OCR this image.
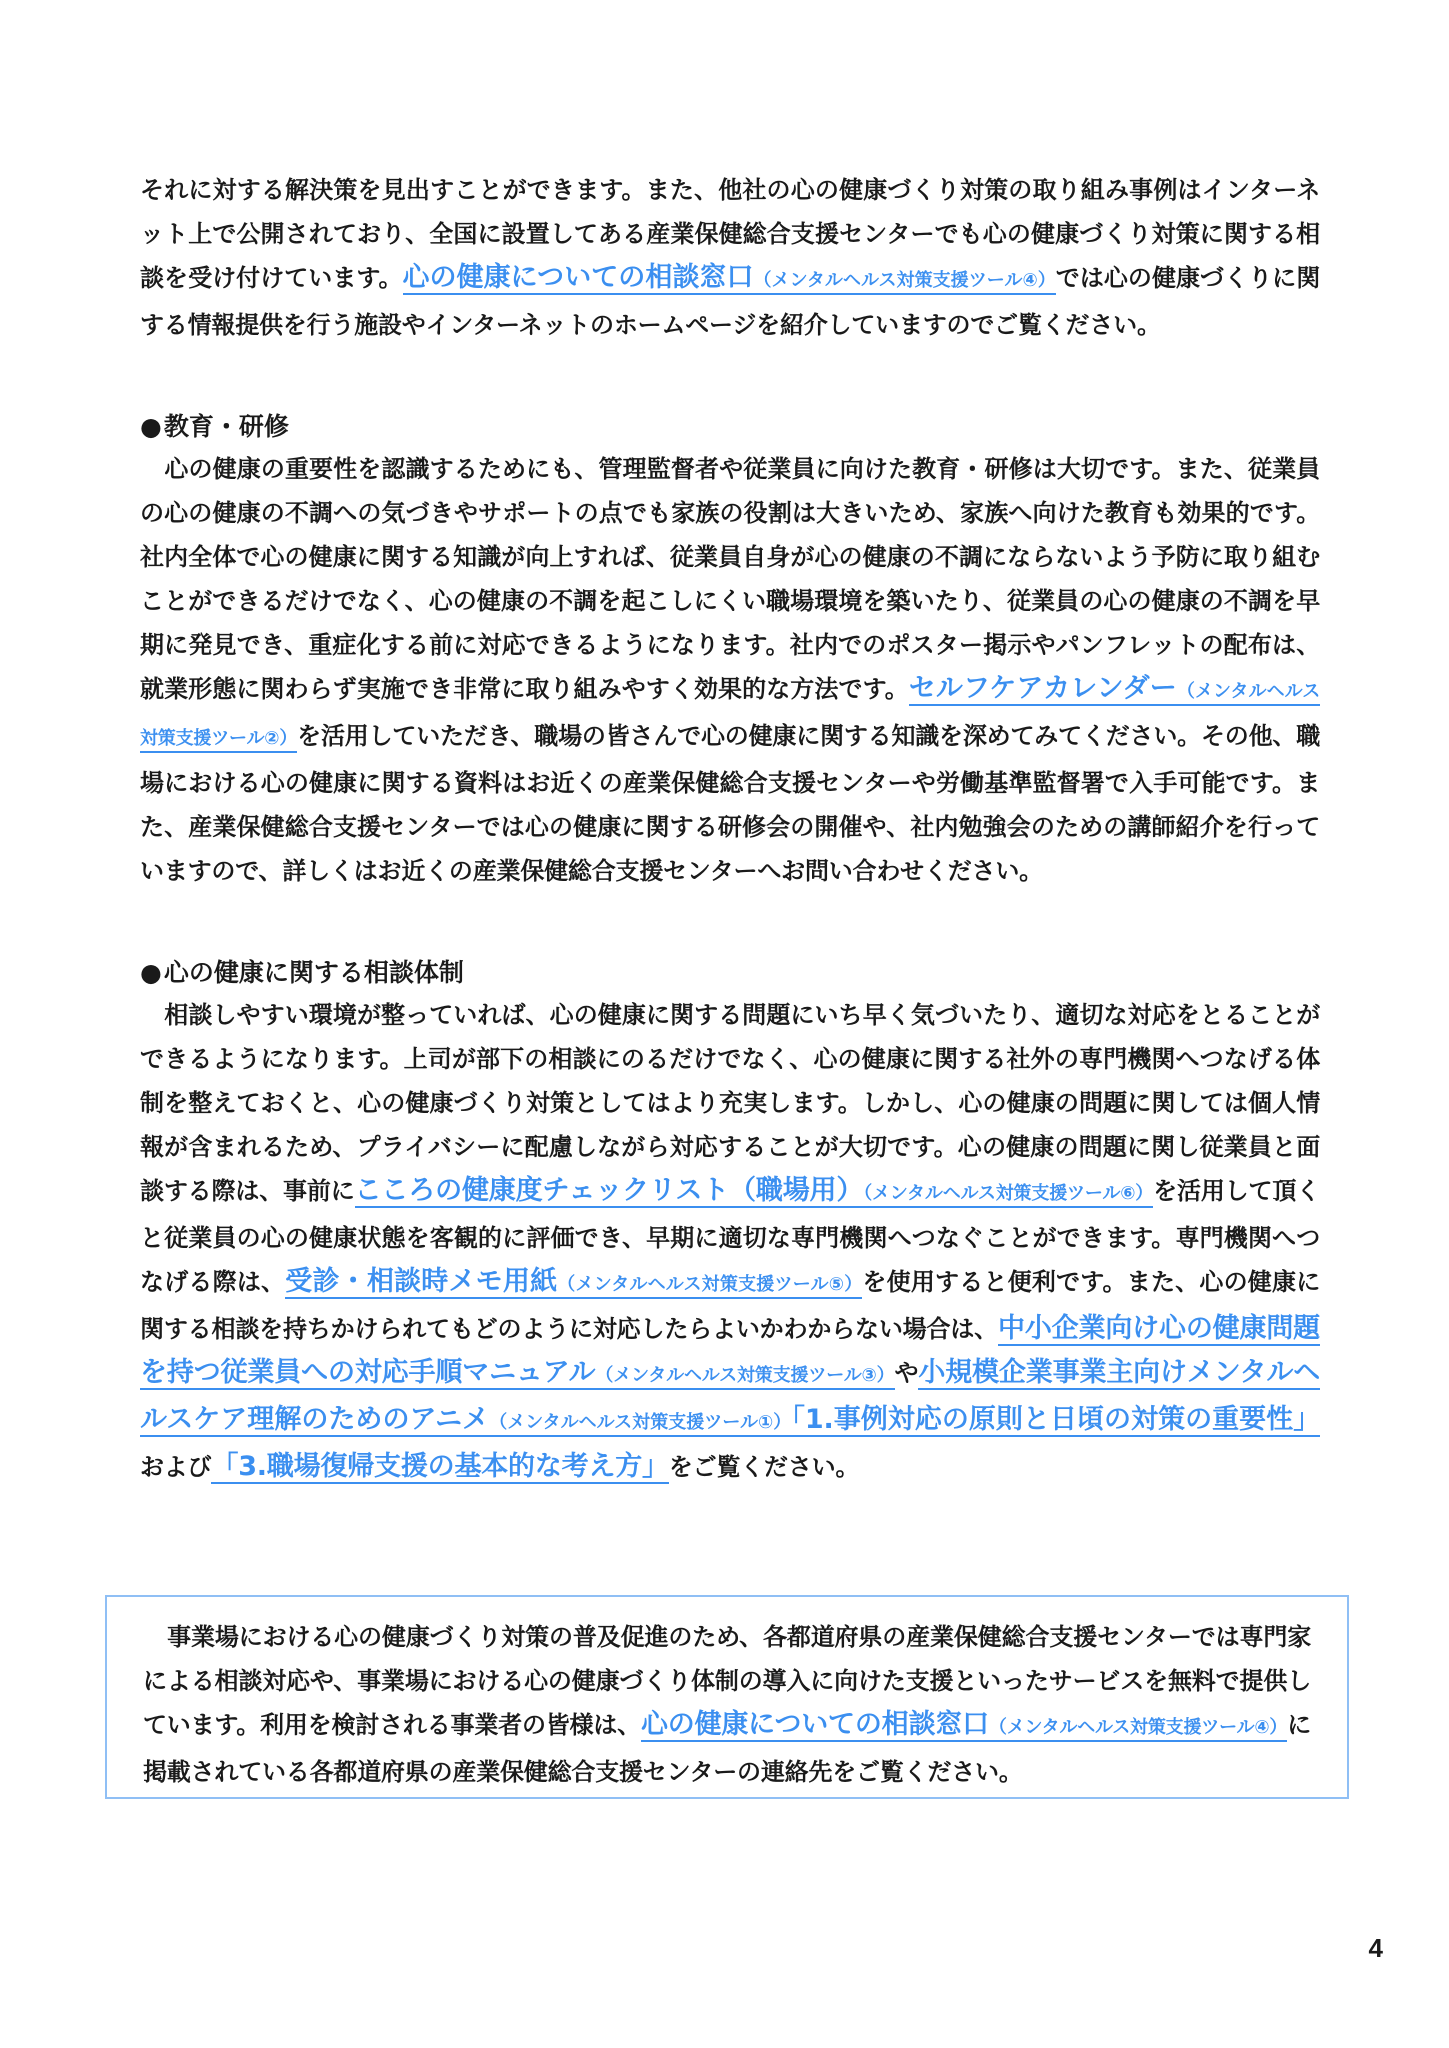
それに対する解決策を見出すことができます。また、他社の心の健康づくり対策の取り組み事例はインターネット上で公開されており、全国に設置してある産業保健総合支援センターでも心の健康づくり対策に関する相談を受け付けています。心の健康についての相談窓口（メンタルヘルス対策支援ツール④）では心の健康づくりに関する情報提供を行う施設やインターネットのホームページを紹介していますのでご覧ください。

●教育・研修

心の健康の重要性を認識するためにも、管理監督者や従業員に向けた教育・研修は大切です。また、従業員の心の健康の不調への気づきやサポートの点でも家族の役割は大きいため、家族へ向けた教育も効果的です。社内全体で心の健康に関する知識が向上すれば、従業員自身が心の健康の不調にならないよう予防に取り組むことができるだけでなく、心の健康の不調を起こしにくい職場環境を築いたり、従業員の心の健康の不調を早期に発見でき、重症化する前に対応できるようになります。社内でのポスター掲示やパンフレットの配布は、就業形態に関わらず実施でき非常に取り組みやすく効果的な方法です。セルフケアカレンダー（メンタルヘルス対策支援ツール②）を活用していただき、職場の皆さんで心の健康に関する知識を深めてみてください。その他、職場における心の健康に関する資料はお近くの産業保健総合支援センターや労働基準監督署で入手可能です。また、産業保健総合支援センターでは心の健康に関する研修会の開催や、社内勉強会のための講師紹介を行っていますので、詳しくはお近くの産業保健総合支援センターへお問い合わせください。

●心の健康に関する相談体制

相談しやすい環境が整っていれば、心の健康に関する問題にいち早く気づいたり、適切な対応をとることができるようになります。上司が部下の相談にのるだけでなく、心の健康に関する社外の専門機関へつなげる体制を整えておくと、心の健康づくり対策としてはより充実します。しかし、心の健康の問題に関しては個人情報が含まれるため、プライバシーに配慮しながら対応することが大切です。心の健康の問題に関し従業員と面談する際は、事前にこころの健康度チェックリスト（職場用）（メンタルヘルス対策支援ツール⑥）を活用して頂くと従業員の心の健康状態を客観的に評価でき、早期に適切な専門機関へつなぐことができます。専門機関へつなげる際は、受診・相談時メモ用紙（メンタルヘルス対策支援ツール⑤）を使用すると便利です。また、心の健康に関する相談を持ちかけられてもどのように対応したらよいかわからない場合は、中小企業向け心の健康問題を持つ従業員への対応手順マニュアル（メンタルヘルス対策支援ツール③）や小規模企業事業主向けメンタルヘルスケア理解のためのアニメ（メンタルヘルス対策支援ツール①）「1.事例対応の原則と日頃の対策の重要性」および「3.職場復帰支援の基本的な考え方」をご覧ください。

事業場における心の健康づくり対策の普及促進のため、各都道府県の産業保健総合支援センターでは専門家による相談対応や、事業場における心の健康づくり体制の導入に向けた支援といったサービスを無料で提供しています。利用を検討される事業者の皆様は、心の健康についての相談窓口（メンタルヘルス対策支援ツール④）に掲載されている各都道府県の産業保健総合支援センターの連絡先をご覧ください。

4
